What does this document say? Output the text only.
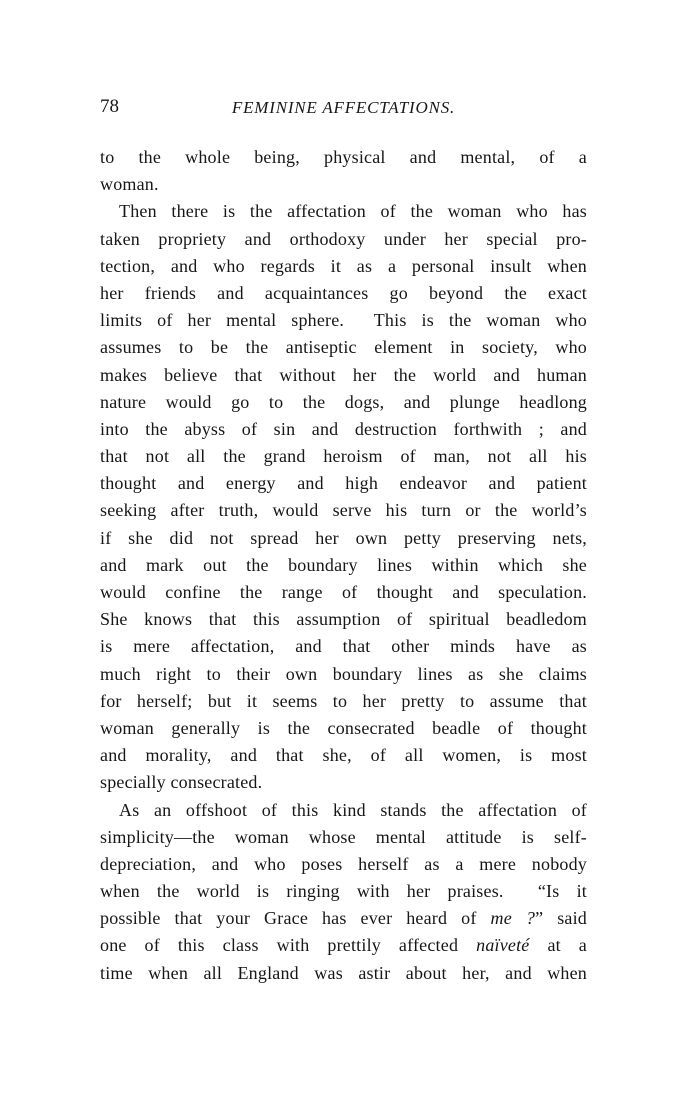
78	FEMININE AFFECTATIONS.
to the whole being, physical and mental, of a
woman.
Then there is the affectation of the woman who has
taken propriety and orthodoxy under her special pro-
tection, and who regards it as a personal insult when
her friends and acquaintances go beyond the exact
limits of her mental sphere.  This is the woman who
assumes to be the antiseptic element in society, who
makes believe that without her the world and human
nature would go to the dogs, and plunge headlong
into the abyss of sin and destruction forthwith ; and
that not all the grand heroism of man, not all his
thought and energy and high endeavor and patient
seeking after truth, would serve his turn or the world’s
if she did not spread her own petty preserving nets,
and mark out the boundary lines within which she
would confine the range of thought and speculation.
She knows that this assumption of spiritual beadledom
is mere affectation, and that other minds have as
much right to their own boundary lines as she claims
for herself; but it seems to her pretty to assume that
woman generally is the consecrated beadle of thought
and morality, and that she, of all women, is most
specially consecrated.
As an offshoot of this kind stands the affectation of
simplicity—the woman whose mental attitude is self-
depreciation, and who poses herself as a mere nobody
when the world is ringing with her praises.  “Is it
possible that your Grace has ever heard of me ?” said
one of this class with prettily affected naïveté at a
time when all England was astir about her, and when
